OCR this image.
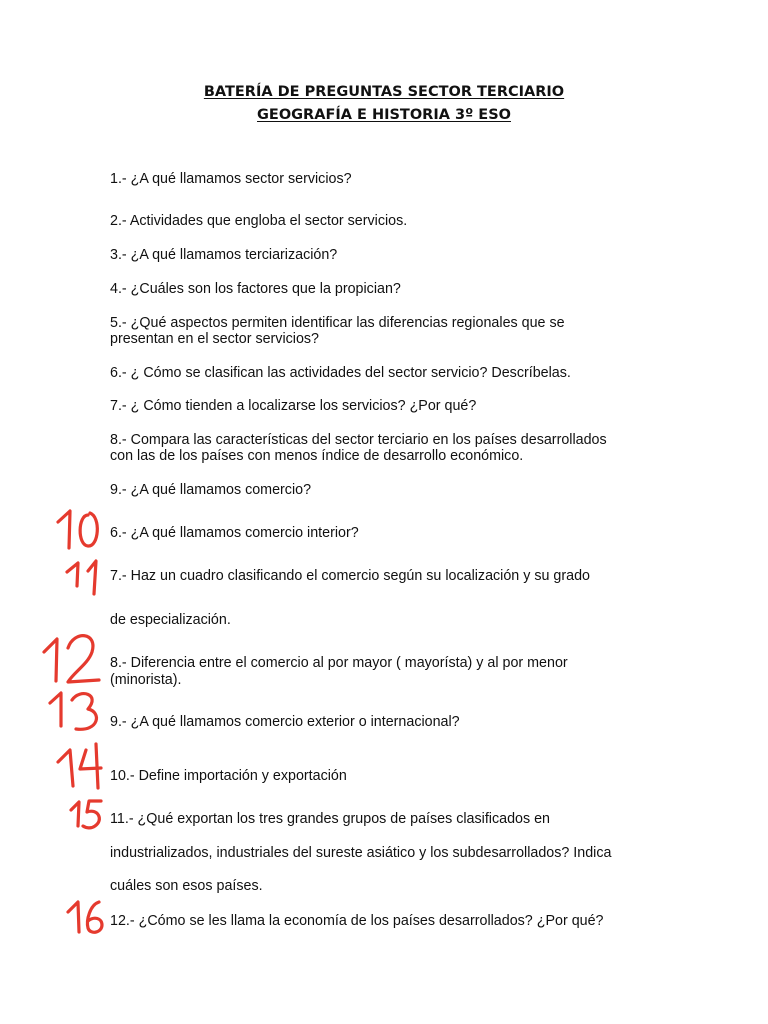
BATERÍA DE PREGUNTAS SECTOR TERCIARIO
GEOGRAFÍA E HISTORIA 3º ESO

1.- ¿A qué llamamos sector servicios?

2.- Actividades que engloba el sector servicios.

3.- ¿A qué llamamos terciarización?

4.- ¿Cuáles son los factores que la propician?

5.- ¿Qué aspectos permiten identificar las diferencias regionales que se

presentan en el sector servicios?

6.- ¿ Cómo se clasifican las actividades del sector servicio? Descríbelas.

7.- ¿ Cómo tienden a localizarse los servicios? ¿Por qué?

8.- Compara las características del sector terciario en los países desarrollados

con las de los países con menos índice de desarrollo económico.

9.- ¿A qué llamamos comercio?

6.- ¿A qué llamamos comercio interior?

7.- Haz un cuadro clasificando el comercio según su localización y su grado

de especialización.

8.- Diferencia entre el comercio al por mayor ( mayorísta) y al por menor

(minorista).

9.- ¿A qué llamamos comercio exterior o internacional?

10.- Define importación y exportación

11.- ¿Qué exportan los tres grandes grupos de países clasificados en

industrializados, industriales del sureste asiático y los subdesarrollados? Indica

cuáles son esos países.

12.- ¿Cómo se les llama la economía de los países desarrollados? ¿Por qué?
